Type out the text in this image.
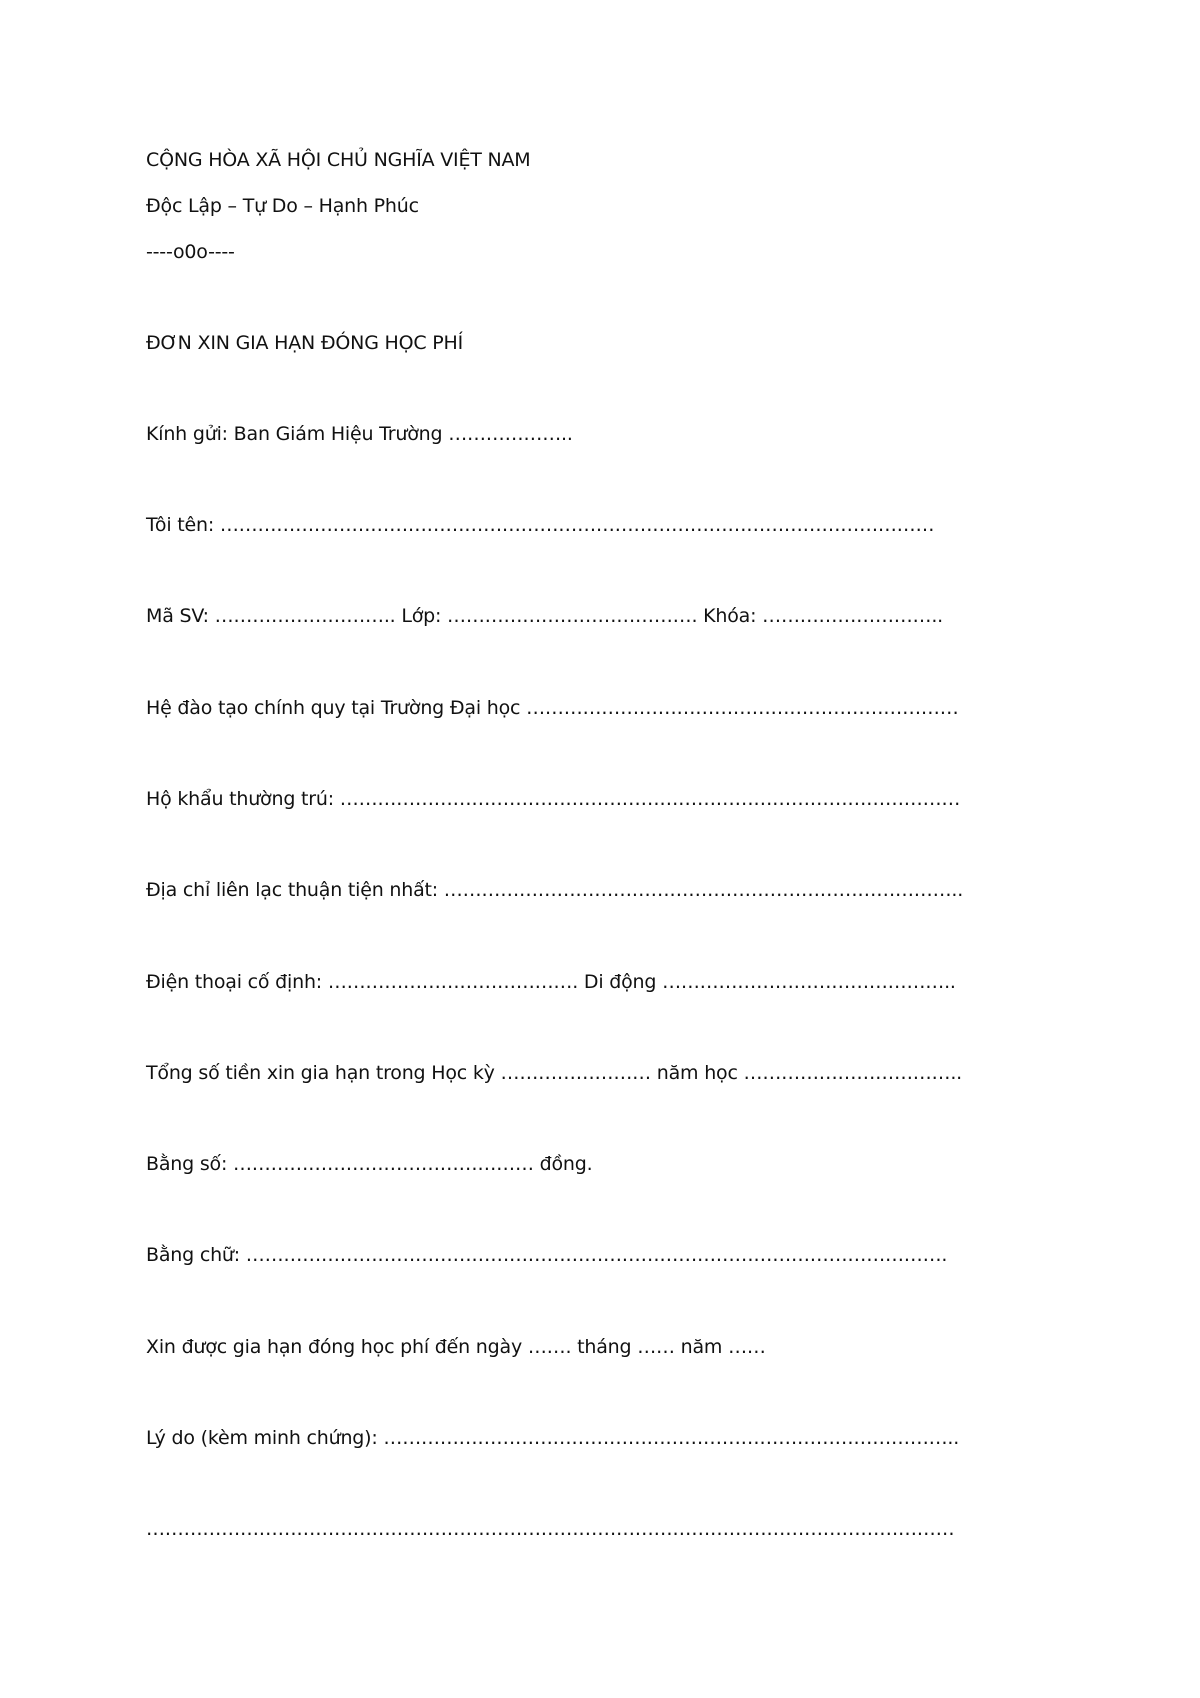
CỘNG HÒA XÃ HỘI CHỦ NGHĨA VIỆT NAM
Độc Lập – Tự Do – Hạnh Phúc
----o0o----
ĐƠN XIN GIA HẠN ĐÓNG HỌC PHÍ
Kính gửi: Ban Giám Hiệu Trường ………………..
Tôi tên: ……………………………………………………………………………………………………
Mã SV: ……………………….. Lớp: …………………………………. Khóa: ………………………..
Hệ đào tạo chính quy tại Trường Đại học ……………………………………………………………
Hộ khẩu thường trú: ………………………………………………………………………………………
Địa chỉ liên lạc thuận tiện nhất: ………………………………………………………………………..
Điện thoại cố định: …………………………………. Di động ………………………………………..
Tổng số tiền xin gia hạn trong Học kỳ …………………… năm học ……………………………..
Bằng số: ………………………………………… đồng.
Bằng chữ: ………………………………………………………………………………………………….
Xin được gia hạn đóng học phí đến ngày ……. tháng …… năm ……
Lý do (kèm minh chứng): ………………………………………………………………………………..
…………………………………………………………………………………………………………………
